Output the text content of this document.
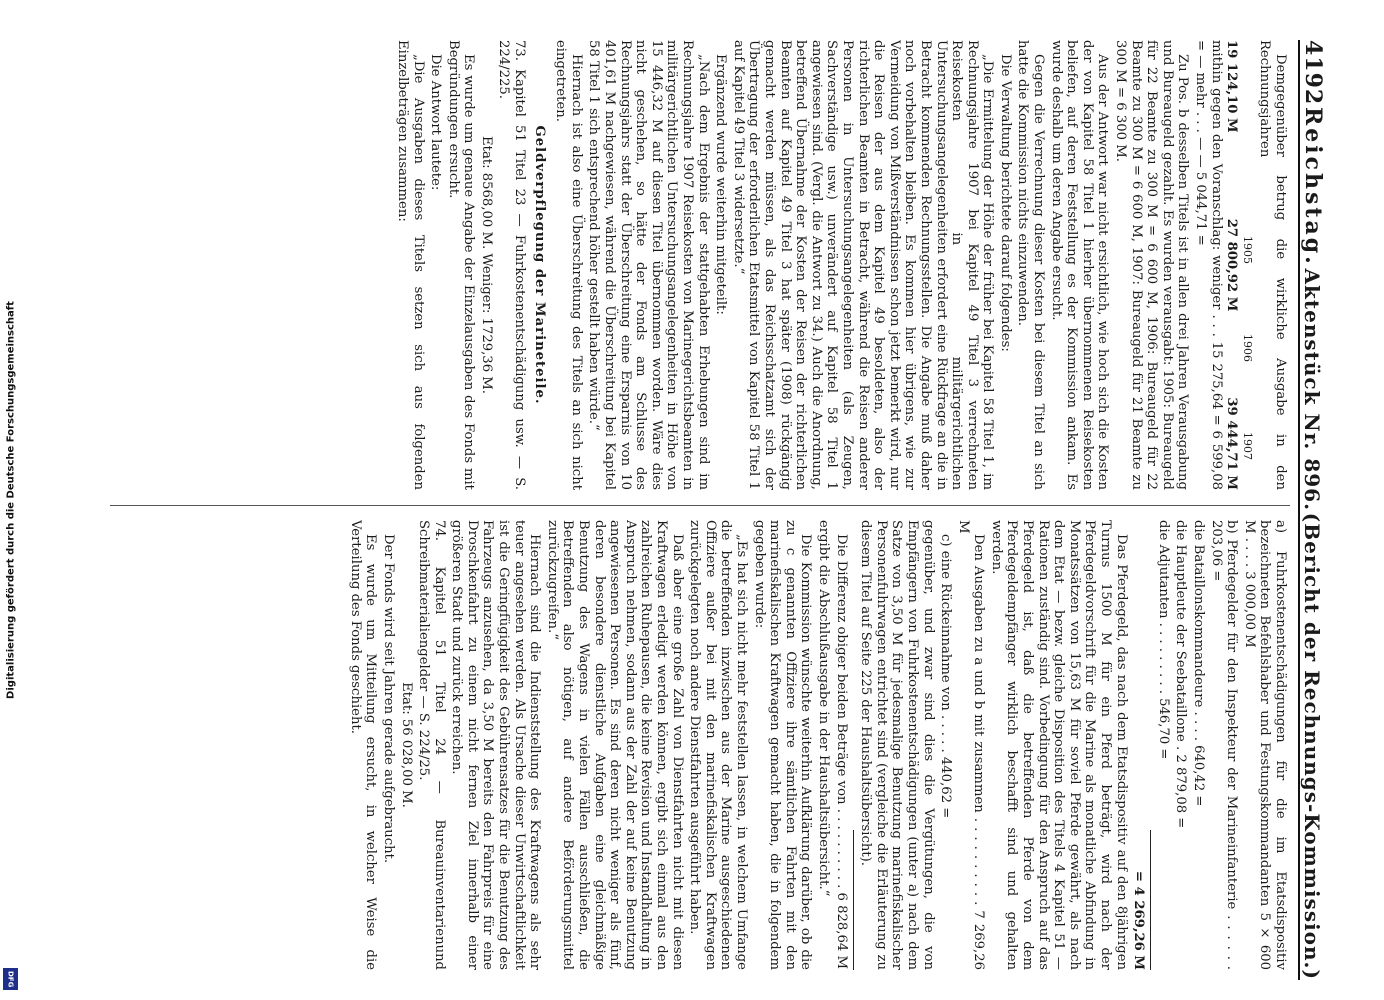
Digitalisierung gefördert durch die Deutsche Forschungsgemeinschaft
DFG
4192
Reichstag.
Aktenstück Nr. 896.
(Bericht der Rechnungs-Kommission.)

Demgegenüber betrug die wirkliche Ausgabe in den Rechnungsjahren

1905
1906
1907
19 124,10 M
27 800,92 M
39 444,71 M

mithin gegen den Voranschlag: weniger . . . 15 275,64 = 6 599,08 = — mehr . . . — — 5 044,71 =

Zu Pos. b desselben Titels ist in allen drei Jahren Verausgabung und Bureaugeld gezahlt. Es wurden verausgabt: 1905: Bureaugeld für 22 Beamte zu 300 M = 6 600 M, 1906: Bureaugeld für 22 Beamte zu 300 M = 6 600 M, 1907: Bureaugeld für 21 Beamte zu 300 M = 6 300 M.

Aus der Antwort war nicht ersichtlich, wie hoch sich die Kosten der von Kapitel 58 Titel 1 hierher übernommenen Reisekosten beliefen, auf deren Feststellung es der Kommission ankam. Es wurde deshalb um deren Angabe ersucht.

Gegen die Verrechnung dieser Kosten bei diesem Titel an sich hatte die Kommission nichts einzuwenden.

Die Verwaltung berichtete darauf folgendes:

„Die Ermittelung der Höhe der früher bei Kapitel 58 Titel 1, im Rechnungsjahre 1907 bei Kapitel 49 Titel 3 verrechneten Reisekosten in militärgerichtlichen Untersuchungsangelegenheiten erfordert eine Rückfrage an die in Betracht kommenden Rechnungsstellen. Die Angabe muß daher noch vorbehalten bleiben. Es kommen hier übrigens, wie zur Vermeidung von Mißverständnissen schon jetzt bemerkt wird, nur die Reisen der aus dem Kapitel 49 besoldeten, also der richterlichen Beamten in Betracht, während die Reisen anderer Personen in Untersuchungsangelegenheiten (als Zeugen, Sachverständige usw.) unverändert auf Kapitel 58 Titel 1 angewiesen sind. (Vergl. die Antwort zu 34.) Auch die Anordnung, betreffend Übernahme der Kosten der Reisen der richterlichen Beamten auf Kapitel 49 Titel 3 hat später (1908) rückgängig gemacht werden müssen, als das Reichsschatzamt sich der Übertragung der erforderlichen Etatsmittel von Kapitel 58 Titel 1 auf Kapitel 49 Titel 3 widersetzte.“

Ergänzend wurde weiterhin mitgeteilt:

„Nach dem Ergebnis der stattgehabten Erhebungen sind im Rechnungsjahre 1907 Reisekosten von Marinegerichtsbeamten in militärgerichtlichen Untersuchungsangelegenheiten in Höhe von 15 446,32 M auf diesen Titel übernommen worden. Wäre dies nicht geschehen, so hätte der Fonds am Schlusse des Rechnungsjahrs statt der Überschreitung eine Ersparnis von 10 401,61 M nachgewiesen, während die Überschreitung bei Kapitel 58 Titel 1 sich entsprechend höher gestellt haben würde.“

Hiernach ist also eine Überschreitung des Titels an sich nicht eingetreten.

Geldverpflegung der Marineteile.

73. Kapitel 51 Titel 23 — Fuhrkostenentschädigung usw. — S. 224/225.

Etat: 8568,00 M. Weniger: 1729,36 M.

Es wurde um genaue Angabe der Einzelausgaben des Fonds mit Begründungen ersucht.

Die Antwort lautete:

„Die Ausgaben dieses Titels setzen sich aus folgenden Einzelbeträgen zusammen:

a) Fuhrkostenentschädigungen für die im Etatsdispositiv bezeichneten Befehlshaber und Festungskommandanten 5 × 600 M . . . . 3 000,00 M

b) Pferdegelder für den Inspekteur der Marineinfanterie . . . . . . 203,06 =

die Bataillonskommandeure . . . . 640,42 =

die Hauptleute der Seebataillone . 2 879,08 =

die Adjutanten . . . . . . . . . 546,70 =

= 4 269,26 M

Das Pferdegeld, das nach dem Etatsdispositiv auf den 8jährigen Turnus 1500 M für ein Pferd beträgt, wird nach der Pferdegeldvorschrift für die Marine als monatliche Abfindung in Monatssätzen von 15,63 M für soviel Pferde gewährt, als nach dem Etat — bezw. gleiche Disposition des Titels 4 Kapitel 51 — Rationen zuständig sind. Vorbedingung für den Anspruch auf das Pferdegeld ist, daß die betreffenden Pferde von dem Pferdegeldempfänger wirklich beschafft sind und gehalten werden.

Den Ausgaben zu a und b mit zusammen . . . . . . . . . . 7 269,26 M

c) eine Rückeinnahme von . . . . . 440,62 =

gegenüber, und zwar sind dies die Vergütungen, die von Empfängern von Fuhrkostenentschädigungen (unter a) nach dem Satze von 3,50 M für jedesmalige Benutzung marinefiskalischer Personenfuhrwagen entrichtet sind (vergleiche die Erläuterung zu diesem Titel auf Seite 225 der Haushaltsübersicht).

Die Differenz obiger beiden Beträge von . . . . . . . . . . 6 828,64 M

ergibt die Abschlußausgabe in der Haushaltsübersicht.“

Die Kommission wünschte weiterhin Aufklärung darüber, ob die zu c genannten Offiziere ihre sämtlichen Fahrten mit den marinefiskalischen Kraftwagen gemacht haben, die in folgendem gegeben wurde:

„Es hat sich nicht mehr feststellen lassen, in welchem Umfange die betreffenden inzwischen aus der Marine ausgeschiedenen Offiziere außer bei mit den marinefiskalischen Kraftwagen zurückgelegten noch andere Dienstfahrten ausgeführt haben.

Daß aber eine große Zahl von Dienstfahrten nicht mit diesen Kraftwagen erledigt werden können, ergibt sich einmal aus den zahlreichen Ruhepausen, die keine Revision und Instandhaltung in Anspruch nehmen, sodann aus der Zahl der auf keine Benutzung angewiesenen Personen. Es sind deren nicht weniger als fünf, deren besondere dienstliche Aufgaben eine gleichmäßige Benutzung des Wagens in vielen Fällen ausschließen, die Betreffenden also nötigen, auf andere Beförderungsmittel zurückzugreifen.“

Hiernach sind die Indienststellung des Kraftwagens als sehr teuer angesehen werden. Als Ursache dieser Unwirtschaftlichkeit ist die Geringfügigkeit des Gebührensatzes für die Benutzung des Fahrzeugs anzusehen, da 3,50 M bereits den Fahrpreis für eine Droschkenfahrt zu einem nicht fernen Ziel innerhalb einer größeren Stadt und zurück erreichen.

74. Kapitel 51 Titel 24 — Bureauinventarienund Schreibmaterialiengelder — S. 224/25.

Etat: 56 028,00 M.

Der Fonds wird seit Jahren gerade aufgebraucht.

Es wurde um Mitteilung ersucht, in welcher Weise die Verteilung des Fonds geschieht.
